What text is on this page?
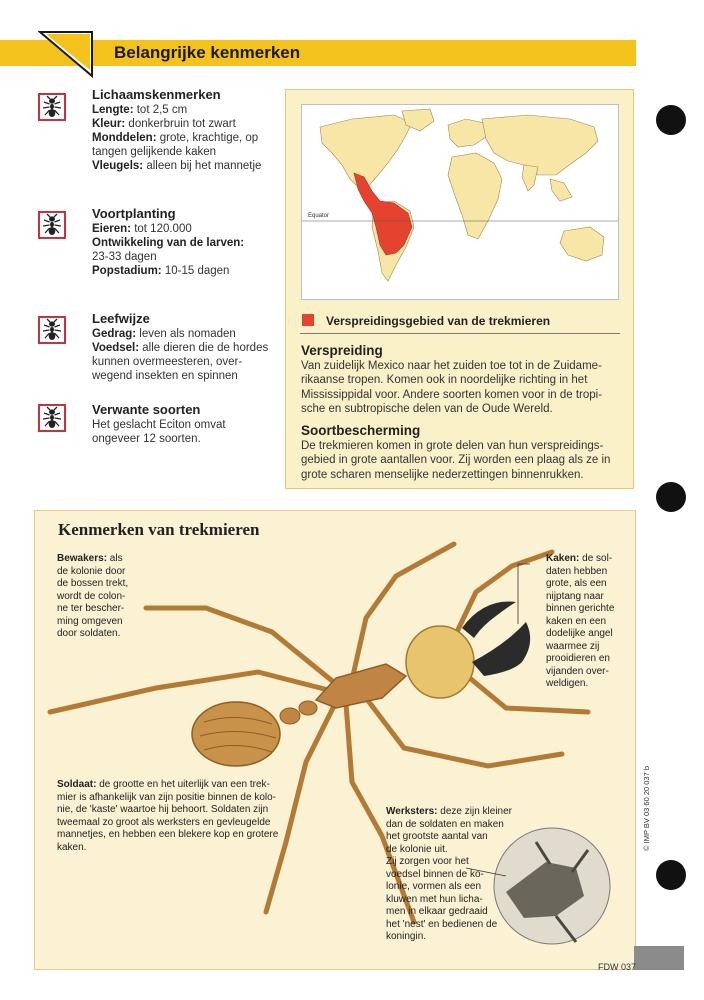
Belangrijke kenmerken
Lichaamskenmerken
Lengte: tot 2,5 cm
Kleur: donkerbruin tot zwart
Monddelen: grote, krachtige, op
tangen gelijkende kaken
Vleugels: alleen bij het mannetje
Voortplanting
Eieren: tot 120.000
Ontwikkeling van de larven:
23-33 dagen
Popstadium: 10-15 dagen
Leefwijze
Gedrag: leven als nomaden
Voedsel: alle dieren die de hordes
kunnen overmeesteren, over-
wegend insekten en spinnen
Verwante soorten
Het geslacht Eciton omvat
ongeveer 12 soorten.
Equator
Verspreidingsgebied van de trekmieren
Verspreiding
Van zuidelijk Mexico naar het zuiden toe tot in de Zuidame-
rikaanse tropen. Komen ook in noordelijke richting in het
Mississippidal voor. Andere soorten komen voor in de tropi-
sche en subtropische delen van de Oude Wereld.
Soortbescherming
De trekmieren komen in grote delen van hun verspreidings-
gebied in grote aantallen voor. Zij worden een plaag als ze in
grote scharen menselijke nederzettingen binnenrukken.
Kenmerken van trekmieren
Bewakers: als
de kolonie door
de bossen trekt,
wordt de colon-
ne ter bescher-
ming omgeven
door soldaten.
Kaken: de sol-
daten hebben
grote, als een
nijptang naar
binnen gerichte
kaken en een
dodelijke angel
waarmee zij
prooidieren en
vijanden over-
weldigen.
Soldaat: de grootte en het uiterlijk van een trek-
mier is afhankelijk van zijn positie binnen de kolo-
nie, de 'kaste' waartoe hij behoort. Soldaten zijn
tweemaal zo groot als werksters en gevleugelde
mannetjes, en hebben een blekere kop en grotere
kaken.
Werksters: deze zijn kleiner
dan de soldaten en maken
het grootste aantal van
de kolonie uit.
Zij zorgen voor het
voedsel binnen de ko-
lonie, vormen als een
kluwen met hun licha-
men in elkaar gedraaid
het 'nest' en bedienen de
koningin.
© IMP BV 03 60 20 037 b
FDW 037
